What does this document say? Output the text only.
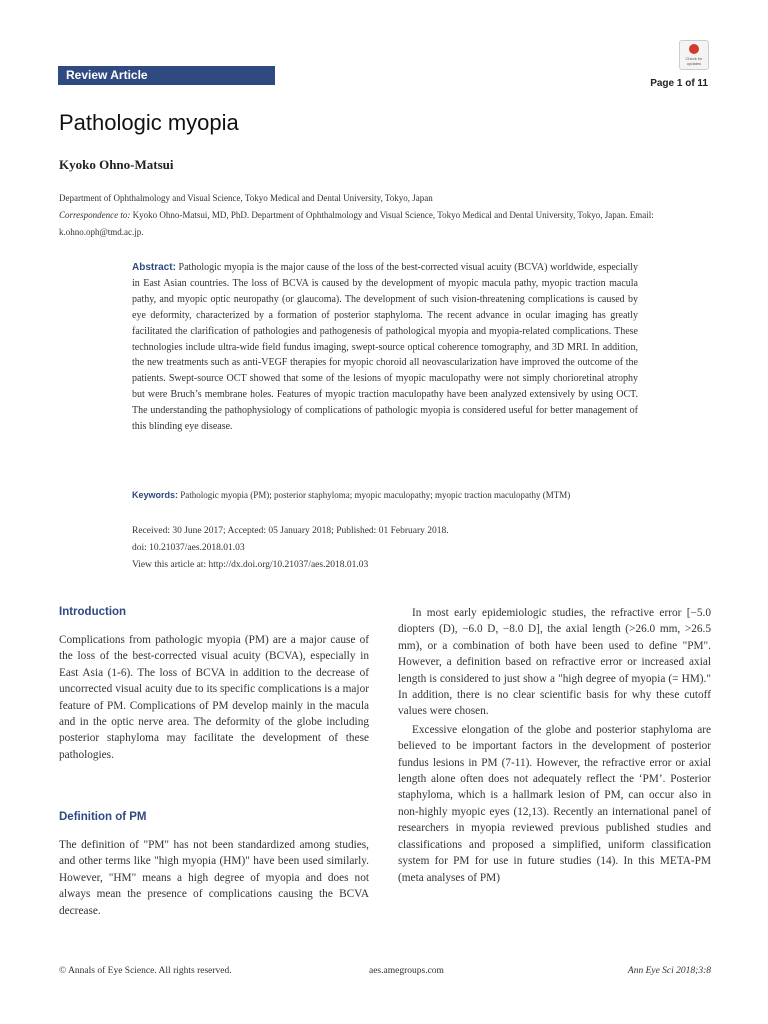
Review Article
Check for updates
Page 1 of 11
Pathologic myopia
Kyoko Ohno-Matsui
Department of Ophthalmology and Visual Science, Tokyo Medical and Dental University, Tokyo, Japan
Correspondence to: Kyoko Ohno-Matsui, MD, PhD. Department of Ophthalmology and Visual Science, Tokyo Medical and Dental University, Tokyo, Japan. Email: k.ohno.oph@tmd.ac.jp.
Abstract: Pathologic myopia is the major cause of the loss of the best-corrected visual acuity (BCVA) worldwide, especially in East Asian countries. The loss of BCVA is caused by the development of myopic macula pathy, myopic traction macula pathy, and myopic optic neuropathy (or glaucoma). The development of such vision-threatening complications is caused by eye deformity, characterized by a formation of posterior staphyloma. The recent advance in ocular imaging has greatly facilitated the clarification of pathologies and pathogenesis of pathological myopia and myopia-related complications. These technologies include ultra-wide field fundus imaging, swept-source optical coherence tomography, and 3D MRI. In addition, the new treatments such as anti-VEGF therapies for myopic choroid all neovascularization have improved the outcome of the patients. Swept-source OCT showed that some of the lesions of myopic maculopathy were not simply chorioretinal atrophy but were Bruch’s membrane holes. Features of myopic traction maculopathy have been analyzed extensively by using OCT. The understanding the pathophysiology of complications of pathologic myopia is considered useful for better management of this blinding eye disease.
Keywords: Pathologic myopia (PM); posterior staphyloma; myopic maculopathy; myopic traction maculopathy (MTM)
Received: 30 June 2017; Accepted: 05 January 2018; Published: 01 February 2018.
doi: 10.21037/aes.2018.01.03
View this article at: http://dx.doi.org/10.21037/aes.2018.01.03
Introduction

Complications from pathologic myopia (PM) are a major cause of the loss of the best-corrected visual acuity (BCVA), especially in East Asia (1-6). The loss of BCVA in addition to the decrease of uncorrected visual acuity due to its specific complications is a major feature of PM. Complications of PM develop mainly in the macula and in the optic nerve area. The deformity of the globe including posterior staphyloma may facilitate the development of these pathologies.

Definition of PM

The definition of "PM" has not been standardized among studies, and other terms like "high myopia (HM)" have been used similarly. However, "HM" means a high degree of myopia and does not always mean the presence of complications causing the BCVA decrease.

In most early epidemiologic studies, the refractive error [−5.0 diopters (D), −6.0 D, −8.0 D], the axial length (>26.0 mm, >26.5 mm), or a combination of both have been used to define "PM". However, a definition based on refractive error or increased axial length is considered to just show a "high degree of myopia (= HM)." In addition, there is no clear scientific basis for why these cutoff values were chosen.

Excessive elongation of the globe and posterior staphyloma are believed to be important factors in the development of posterior fundus lesions in PM (7-11). However, the refractive error or axial length alone often does not adequately reflect the ‘PM’. Posterior staphyloma, which is a hallmark lesion of PM, can occur also in non-highly myopic eyes (12,13). Recently an international panel of researchers in myopia reviewed previous published studies and classifications and proposed a simplified, uniform classification system for PM for use in future studies (14). In this META-PM (meta analyses of PM)

© Annals of Eye Science. All rights reserved.	aes.amegroups.com	Ann Eye Sci 2018;3:8
